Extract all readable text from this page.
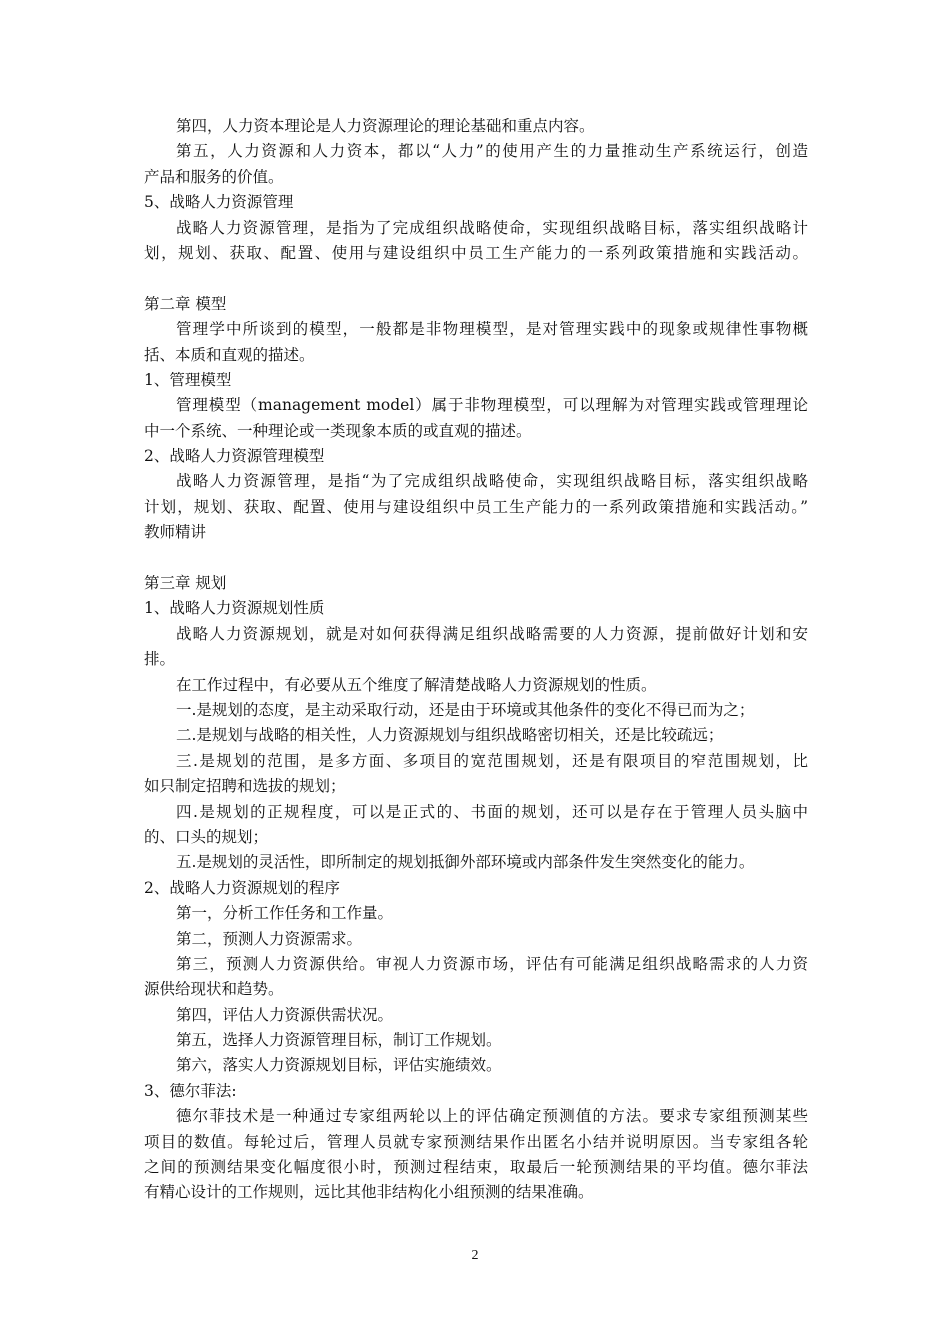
第四，人力资本理论是人力资源理论的理论基础和重点内容。
第五，人力资源和人力资本，都以“人力”的使用产生的力量推动生产系统运行，创造
产品和服务的价值。
5、战略人力资源管理
战略人力资源管理，是指为了完成组织战略使命，实现组织战略目标，落实组织战略计
划，规划、获取、配置、使用与建设组织中员工生产能力的一系列政策措施和实践活动。
第二章 模型
管理学中所谈到的模型，一般都是非物理模型，是对管理实践中的现象或规律性事物概
括、本质和直观的描述。
1、管理模型
管理模型（management model）属于非物理模型，可以理解为对管理实践或管理理论
中一个系统、一种理论或一类现象本质的或直观的描述。
2、战略人力资源管理模型
战略人力资源管理，是指“为了完成组织战略使命，实现组织战略目标，落实组织战略
计划，规划、获取、配置、使用与建设组织中员工生产能力的一系列政策措施和实践活动。”
教师精讲
第三章 规划
1、战略人力资源规划性质
战略人力资源规划，就是对如何获得满足组织战略需要的人力资源，提前做好计划和安
排。
在工作过程中，有必要从五个维度了解清楚战略人力资源规划的性质。
一.是规划的态度，是主动采取行动，还是由于环境或其他条件的变化不得已而为之；
二.是规划与战略的相关性，人力资源规划与组织战略密切相关，还是比较疏远；
三.是规划的范围，是多方面、多项目的宽范围规划，还是有限项目的窄范围规划，比
如只制定招聘和选拔的规划；
四.是规划的正规程度，可以是正式的、书面的规划，还可以是存在于管理人员头脑中
的、口头的规划；
五.是规划的灵活性，即所制定的规划抵御外部环境或内部条件发生突然变化的能力。
2、战略人力资源规划的程序
第一，分析工作任务和工作量。
第二，预测人力资源需求。
第三，预测人力资源供给。审视人力资源市场，评估有可能满足组织战略需求的人力资
源供给现状和趋势。
第四，评估人力资源供需状况。
第五，选择人力资源管理目标，制订工作规划。
第六，落实人力资源规划目标，评估实施绩效。
3、德尔菲法:
德尔菲技术是一种通过专家组两轮以上的评估确定预测值的方法。要求专家组预测某些
项目的数值。每轮过后，管理人员就专家预测结果作出匿名小结并说明原因。当专家组各轮
之间的预测结果变化幅度很小时，预测过程结束，取最后一轮预测结果的平均值。德尔菲法
有精心设计的工作规则，远比其他非结构化小组预测的结果准确。
2
